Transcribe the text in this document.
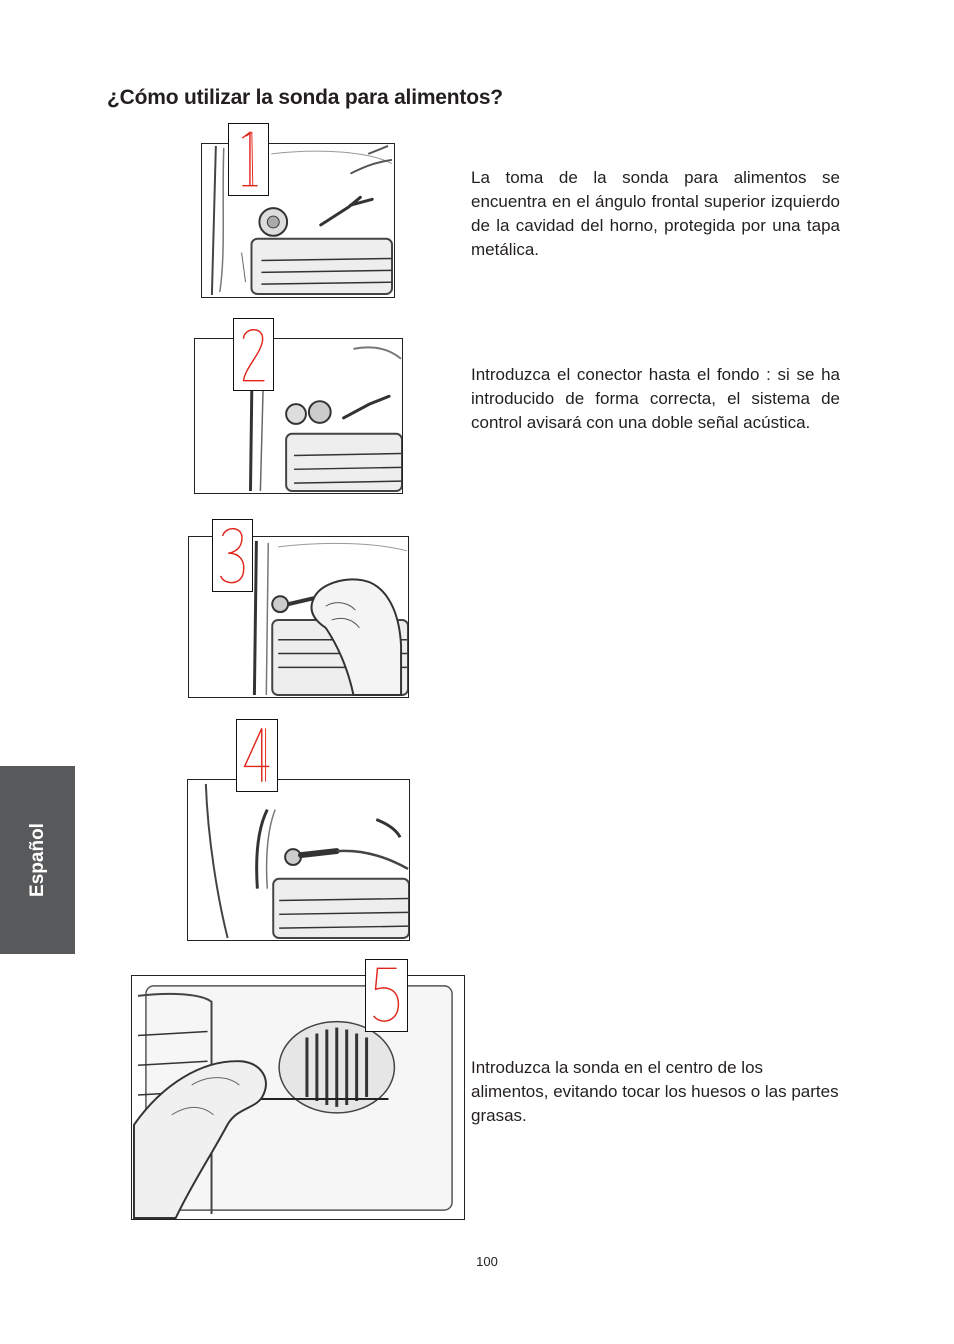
¿Cómo utilizar la sonda para alimentos?

La toma de la sonda para alimentos se encuentra en el ángulo frontal superior izquierdo de la cavidad del horno, protegida por una tapa metálica.

Introduzca el conector hasta el fondo : si se ha introducido de forma correcta, el sistema de control avisará con una doble señal acústica.

Introduzca la sonda en el centro de los alimentos, evitando tocar los huesos o las partes grasas.

Español
100
